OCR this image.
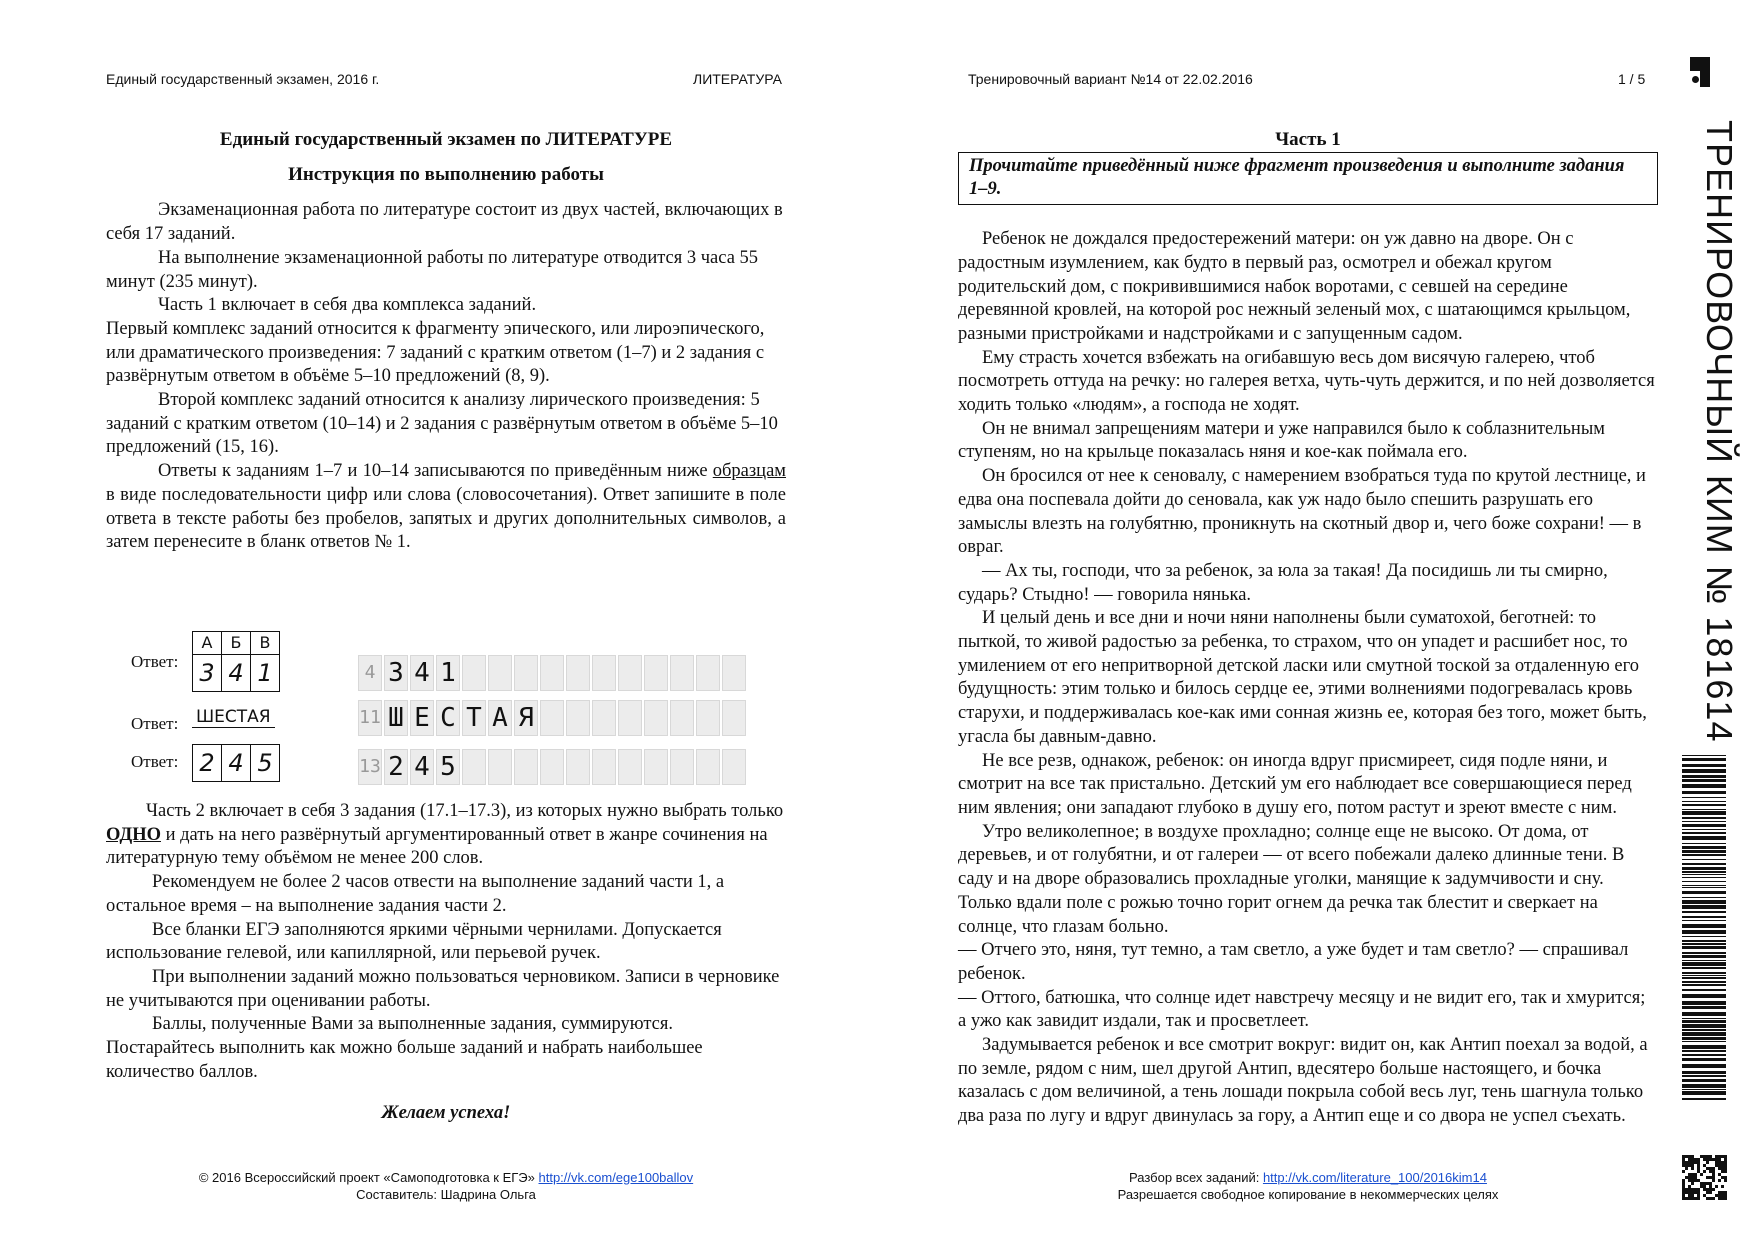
Единый государственный экзамен, 2016 г.	ЛИТЕРАТУРА	Тренировочный вариант №14 от 22.02.2016	1 / 5
ТРЕНИРОВОЧНЫЙ КИМ № 181614
Единый государственный экзамен по ЛИТЕРАТУРЕ
Инструкция по выполнению работы

Экзаменационная работа по литературе состоит из двух частей, включающих в себя 17 заданий.

На выполнение экзаменационной работы по литературе отводится 3 часа 55 минут (235 минут).

Часть 1 включает в себя два комплекса заданий.

Первый комплекс заданий относится к фрагменту эпического, или лироэпического, или драматического произведения: 7 заданий с кратким ответом (1–7) и 2 задания с развёрнутым ответом в объёме 5–10 предложений (8, 9).

Второй комплекс заданий относится к анализу лирического произведения: 5 заданий с кратким ответом (10–14) и 2 задания с развёрнутым ответом в объёме 5–10 предложений (15, 16).

Ответы к заданиям 1–7 и 10–14 записываются по приведённым ниже образцам в виде последовательности цифр или слова (словосочетания). Ответ запишите в поле ответа в тексте работы без пробелов, запятых и других дополнительных символов, а затем перенесите в бланк ответов № 1.

Ответ:
А	Б	В
3 4 1	4 3 4 1
Ответ: ШЕСТАЯ	11 Ш Е С Т А Я
Ответ: 2 4 5	13 2 4 5

Часть 2 включает в себя 3 задания (17.1–17.3), из которых нужно выбрать только ОДНО и дать на него развёрнутый аргументированный ответ в жанре сочинения на литературную тему объёмом не менее 200 слов.

Рекомендуем не более 2 часов отвести на выполнение заданий части 1, а остальное время – на выполнение задания части 2.

Все бланки ЕГЭ заполняются яркими чёрными чернилами. Допускается использование гелевой, или капиллярной, или перьевой ручек.

При выполнении заданий можно пользоваться черновиком. Записи в черновике не учитываются при оценивании работы.

Баллы, полученные Вами за выполненные задания, суммируются. Постарайтесь выполнить как можно больше заданий и набрать наибольшее количество баллов.

Желаем успеха!
© 2016 Всероссийский проект «Самоподготовка к ЕГЭ» http://vk.com/ege100ballov
Составитель: Шадрина Ольга
Часть 1
Прочитайте приведённый ниже фрагмент произведения и выполните задания 1–9.

Ребенок не дождался предостережений матери: он уж давно на дворе. Он с радостным изумлением, как будто в первый раз, осмотрел и обежал кругом родительский дом, с покривившимися набок воротами, с севшей на середине деревянной кровлей, на которой рос нежный зеленый мох, с шатающимся крыльцом, разными пристройками и надстройками и с запущенным садом.

Ему страсть хочется взбежать на огибавшую весь дом висячую галерею, чтоб посмотреть оттуда на речку: но галерея ветха, чуть-чуть держится, и по ней дозволяется ходить только «людям», а господа не ходят.

Он не внимал запрещениям матери и уже направился было к соблазнительным ступеням, но на крыльце показалась няня и кое-как поймала его.

Он бросился от нее к сеновалу, с намерением взобраться туда по крутой лестнице, и едва она поспевала дойти до сеновала, как уж надо было спешить разрушать его замыслы влезть на голубятню, проникнуть на скотный двор и, чего боже сохрани! — в овраг.

— Ах ты, господи, что за ребенок, за юла за такая! Да посидишь ли ты смирно, сударь? Стыдно! — говорила нянька.

И целый день и все дни и ночи няни наполнены были суматохой, беготней: то пыткой, то живой радостью за ребенка, то страхом, что он упадет и расшибет нос, то умилением от его непритворной детской ласки или смутной тоской за отдаленную его будущность: этим только и билось сердце ее, этими волнениями подогревалась кровь старухи, и поддерживалась кое-как ими сонная жизнь ее, которая без того, может быть, угасла бы давным-давно.

Не все резв, однакож, ребенок: он иногда вдруг присмиреет, сидя подле няни, и смотрит на все так пристально. Детский ум его наблюдает все совершающиеся перед ним явления; они западают глубоко в душу его, потом растут и зреют вместе с ним.

Утро великолепное; в воздухе прохладно; солнце еще не высоко. От дома, от деревьев, и от голубятни, и от галереи — от всего побежали далеко длинные тени. В саду и на дворе образовались прохладные уголки, манящие к задумчивости и сну. Только вдали поле с рожью точно горит огнем да речка так блестит и сверкает на солнце, что глазам больно.

— Отчего это, няня, тут темно, а там светло, а уже будет и там светло? — спрашивал ребенок.

— Оттого, батюшка, что солнце идет навстречу месяцу и не видит его, так и хмурится; а ужо как завидит издали, так и просветлеет.

Задумывается ребенок и все смотрит вокруг: видит он, как Антип поехал за водой, а по земле, рядом с ним, шел другой Антип, вдесятеро больше настоящего, и бочка казалась с дом величиной, а тень лошади покрыла собой весь луг, тень шагнула только два раза по лугу и вдруг двинулась за гору, а Антип еще и со двора не успел съехать.

Разбор всех заданий: http://vk.com/literature_100/2016kim14
Разрешается свободное копирование в некоммерческих целях
